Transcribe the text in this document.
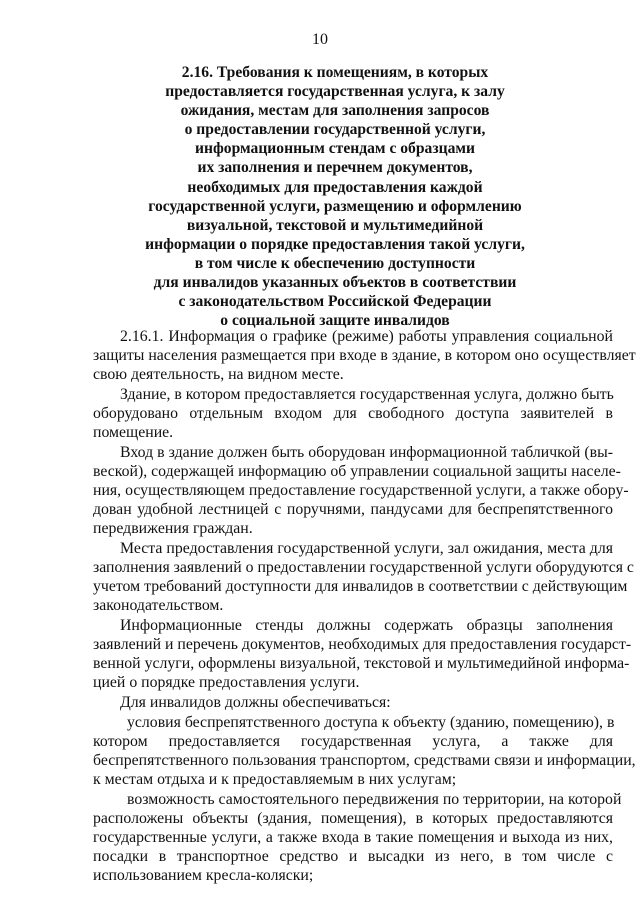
10
2.16. Требования к помещениям, в которых
предоставляется государственная услуга, к залу
ожидания, местам для заполнения запросов
о предоставлении государственной услуги,
информационным стендам с образцами
их заполнения и перечнем документов,
необходимых для предоставления каждой
государственной услуги, размещению и оформлению
визуальной, текстовой и мультимедийной
информации о порядке предоставления такой услуги,
в том числе к обеспечению доступности
для инвалидов указанных объектов в соответствии
с законодательством Российской Федерации
о социальной защите инвалидов
2.16.1. Информация о графике (режиме) работы управления социальной
защиты населения размещается при входе в здание, в котором оно осуществляет
свою деятельность, на видном месте.
Здание, в котором предоставляется государственная услуга, должно быть
оборудовано отдельным входом для свободного доступа заявителей в
помещение.
Вход в здание должен быть оборудован информационной табличкой (вы-
веской), содержащей информацию об управлении социальной защиты населе-
ния, осуществляющем предоставление государственной услуги, а также обору-
дован удобной лестницей с поручнями, пандусами для беспрепятственного
передвижения граждан.
Места предоставления государственной услуги, зал ожидания, места для
заполнения заявлений о предоставлении государственной услуги оборудуются с
учетом требований доступности для инвалидов в соответствии с действующим
законодательством.
Информационные стенды должны содержать образцы заполнения
заявлений и перечень документов, необходимых для предоставления государст-
венной услуги, оформлены визуальной, текстовой и мультимедийной информа-
цией о порядке предоставления услуги.
Для инвалидов должны обеспечиваться:
условия беспрепятственного доступа к объекту (зданию, помещению), в
котором предоставляется государственная услуга, а также для
беспрепятственного пользования транспортом, средствами связи и информации,
к местам отдыха и к предоставляемым в них услугам;
возможность самостоятельного передвижения по территории, на которой
расположены объекты (здания, помещения), в которых предоставляются
государственные услуги, а также входа в такие помещения и выхода из них,
посадки в транспортное средство и высадки из него, в том числе с
использованием кресла-коляски;
